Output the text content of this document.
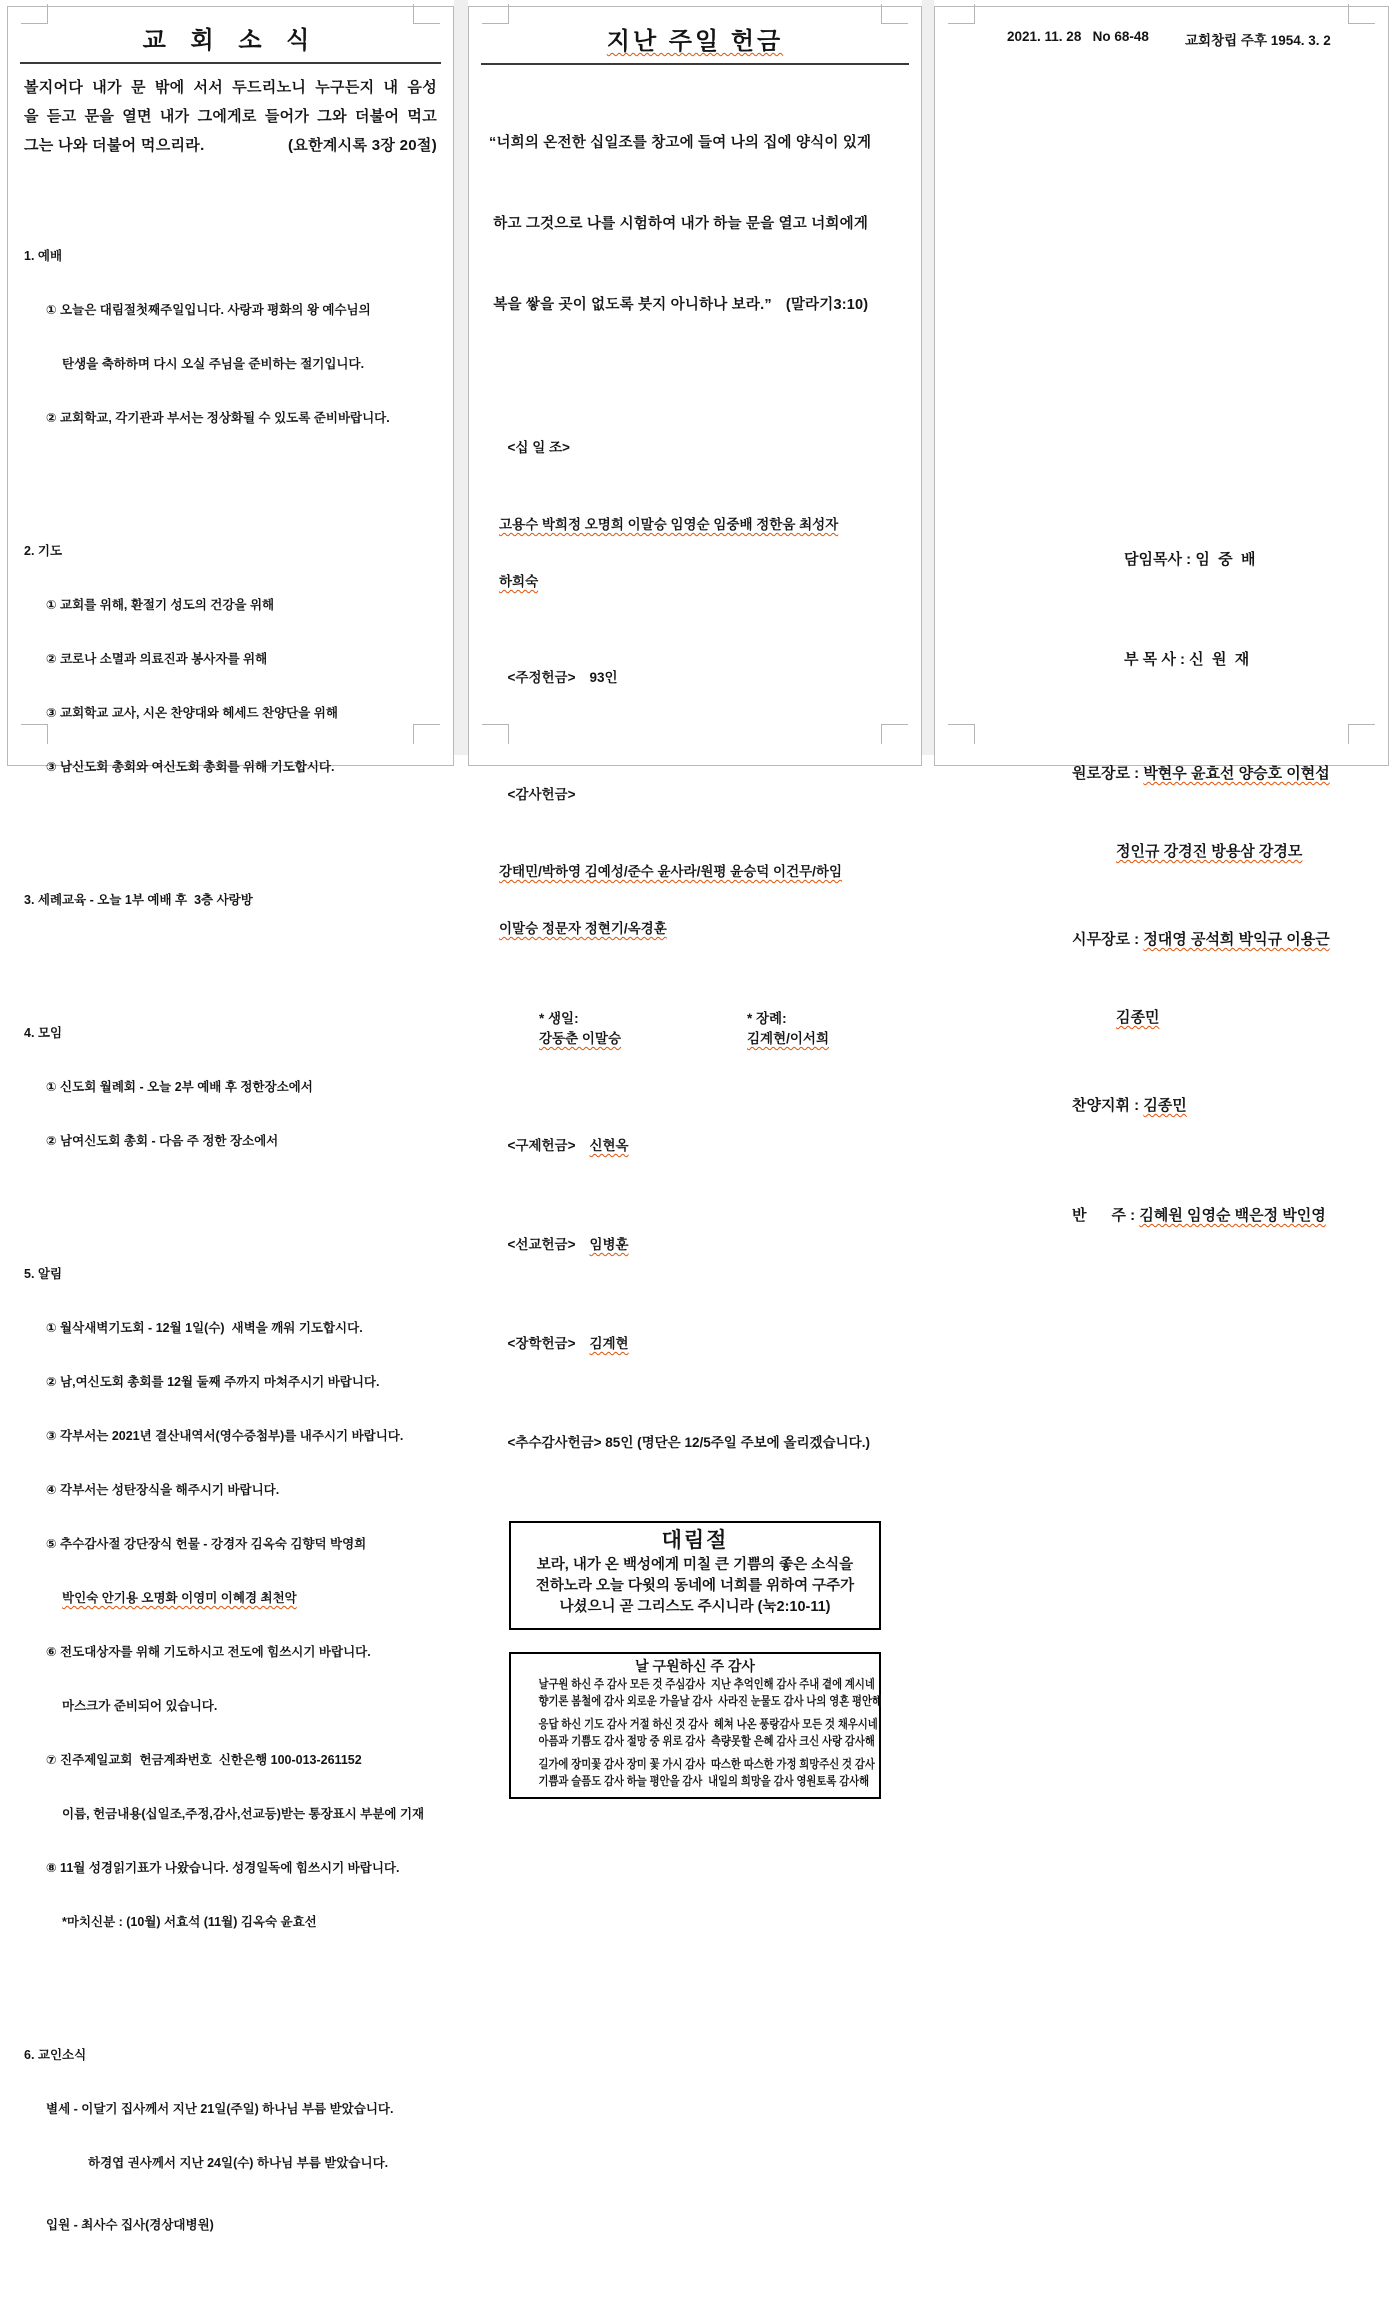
교 회 소 식
볼지어다 내가 문 밖에 서서 두드리노니 누구든지 내 음성
을 듣고 문을 열면 내가 그에게로 들어가 그와 더불어 먹고
그는 나와 더불어 먹으리라.	(요한계시록 3장 20절)

1. 예배

① 오늘은 대림절첫째주일입니다. 사랑과 평화의 왕 예수님의

탄생을 축하하며 다시 오실 주님을 준비하는 절기입니다.

② 교회학교, 각기관과 부서는 정상화될 수 있도록 준비바랍니다.

2. 기도

① 교회를 위해, 환절기 성도의 건강을 위해

② 코로나 소멸과 의료진과 봉사자를 위해

③ 교회학교 교사, 시온 찬양대와 헤세드 찬양단을 위해

③ 남신도회 총회와 여신도회 총회를 위해 기도합시다.

3. 세례교육 - 오늘 1부 예배 후  3층 사랑방

4. 모임

① 신도회 월례회 - 오늘 2부 예배 후 정한장소에서

② 남여신도회 총회 - 다음 주 정한 장소에서

5. 알림

① 월삭새벽기도회 - 12월 1일(수)  새벽을 깨워 기도합시다.

② 남,여신도회 총회를 12월 둘째 주까지 마쳐주시기 바랍니다.

③ 각부서는 2021년 결산내역서(영수증첨부)를 내주시기 바랍니다.

④ 각부서는 성탄장식을 해주시기 바랍니다.

⑤ 추수감사절 강단장식 헌물 - 강경자 김옥숙 김향덕 박영희

박인숙 안기용 오명화 이영미 이혜경 최천악

⑥ 전도대상자를 위해 기도하시고 전도에 힘쓰시기 바랍니다.

마스크가 준비되어 있습니다.

⑦ 진주제일교회  헌금계좌번호  신한은행 100-013-261152

이름, 헌금내용(십일조,주정,감사,선교등)받는 통장표시 부분에 기재

⑧ 11월 성경읽기표가 나왔습니다. 성경일독에 힘쓰시기 바랍니다.

*마치신분 : (10월) 서효석 (11월) 김옥숙 윤효선

6. 교인소식

별세 - 이달기 집사께서 지난 21일(주일) 하나님 부름 받았습니다.

하경엽 권사께서 지난 24일(수) 하나님 부름 받았습니다.

입원 - 최사수 집사(경상대병원)

지난 주일 헌금

“너희의 온전한 십일조를 창고에 들여 나의 집에 양식이 있게

하고 그것으로 나를 시험하여 내가 하늘 문을 열고 너희에게

복을 쌓을 곳이 없도록 붓지 아니하나 보라.” (말라기3:10)

<십 일 조>

고용수 박희정 오명희 이말승 임영순 임중배 정한움 최성자

하희숙

<주정헌금> 93인

<감사헌금>

강태민/박하영 김예성/준수 윤사라/원평 윤승덕 이건무/하임

이말승 정문자 정현기/옥경훈

* 생일:
강동춘 이말승

* 장례:
김계현/이서희

<구제헌금> 신현옥

<선교헌금> 임병훈

<장학헌금> 김계현

<추수감사헌금> 85인 (명단은 12/5주일 주보에 올리겠습니다.)

대림절
보라, 내가 온 백성에게 미칠 큰 기쁨의 좋은 소식을
전하노라 오늘 다윗의 동네에 너희를 위하여 구주가
나셨으니 곧 그리스도 주시니라 (눅2:10-11)
날 구원하신 주 감사
날구원 하신 주 감사 모든 것 주심감사  지난 추억인해 감사 주내 곁에 계시네
향기론 봄철에 감사 외로운 가을날 감사  사라진 눈물도 감사 나의 영혼 평안해
응답 하신 기도 감사 거절 하신 것 감사  헤쳐 나온 풍랑감사 모든 것 채우시네
아픔과 기쁨도 감사 절망 중 위로 감사  측량못할 은혜 감사 크신 사랑 감사해
길가에 장미꽃 감사 장미 꽃 가시 감사  따스한 따스한 가정 희망주신 것 감사
기쁨과 슬픔도 감사 하늘 평안을 감사  내일의 희망을 감사 영원토록 감사해
2021. 11. 28   No 68-48	교회창립 주후 1954. 3. 2

담임목사 : 임  중  배

부 목 사 : 신  원  재

원로장로 : 박현우 윤효선 양승호 이현섭

정인규 강경진 방용삼 강경모

시무장로 : 정대영 공석희 박익규 이용근

김종민

찬양지휘 : 김종민

반      주 : 김혜원 임영순 백은정 박인영
